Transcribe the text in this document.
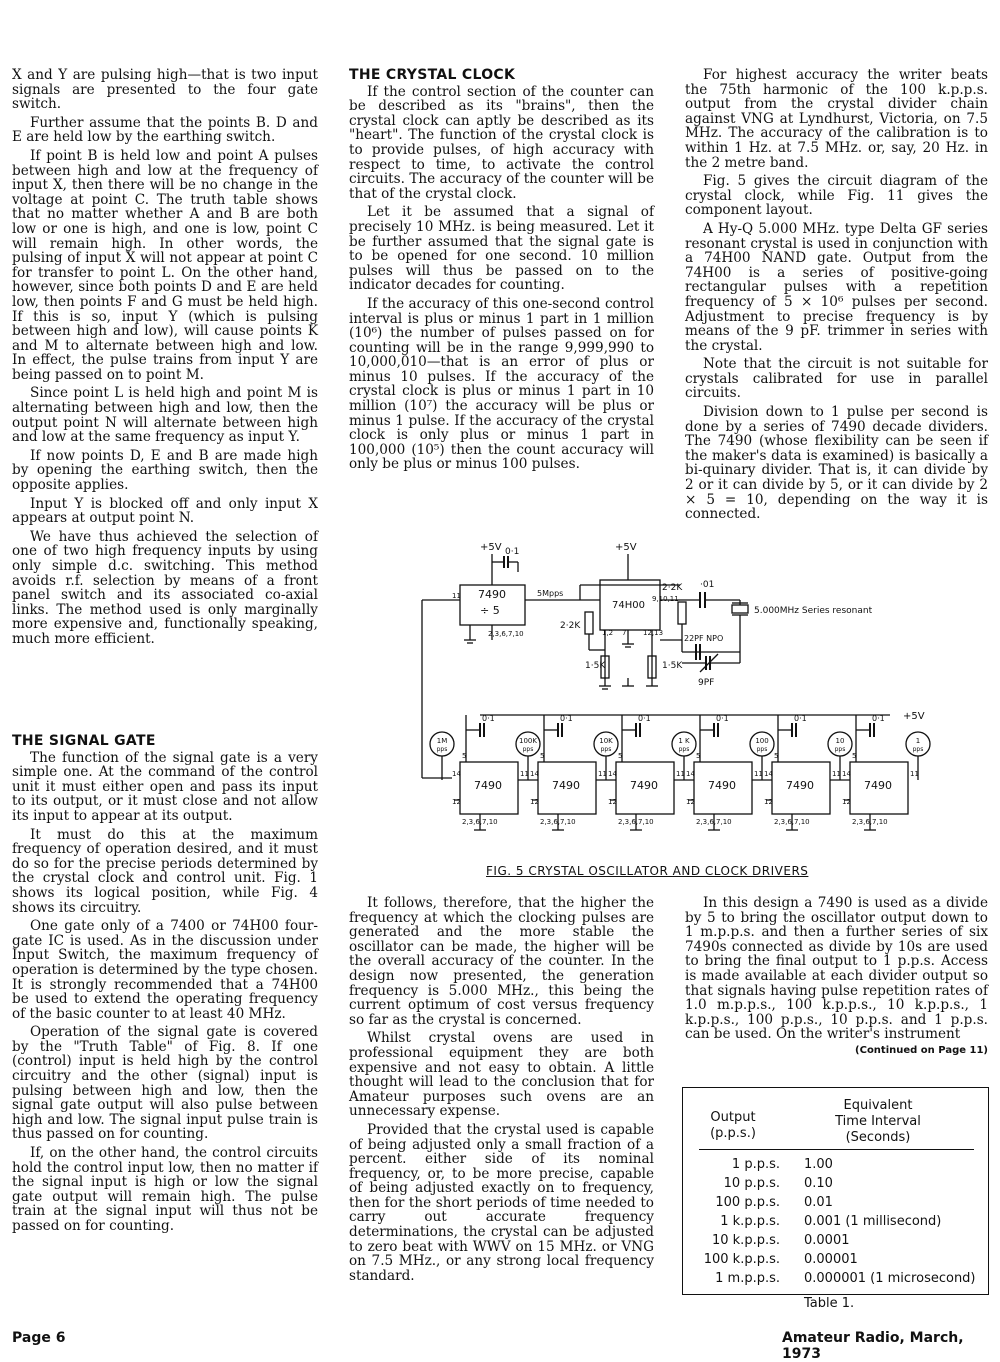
X and Y are pulsing high—that is two input signals are presented to the four gate switch.

Further assume that the points B. D and E are held low by the earthing switch.

If point B is held low and point A pulses between high and low at the frequency of input X, then there will be no change in the voltage at point C. The truth table shows that no matter whether A and B are both low or one is high, and one is low, point C will remain high. In other words, the pulsing of input X will not appear at point C for transfer to point L. On the other hand, however, since both points D and E are held low, then points F and G must be held high. If this is so, input Y (which is pulsing between high and low), will cause points K and M to alternate between high and low. In effect, the pulse trains from input Y are being passed on to point M.

Since point L is held high and point M is alternating between high and low, then the output point N will alternate between high and low at the same frequency as input Y.

If now points D, E and B are made high by opening the earthing switch, then the opposite applies.

Input Y is blocked off and only input X appears at output point N.

We have thus achieved the selection of one of two high frequency inputs by using only simple d.c. switching. This method avoids r.f. selection by means of a front panel switch and its associated co-axial links. The method used is only marginally more expensive and, functionally speaking, much more efficient.

THE SIGNAL GATE

The function of the signal gate is a very simple one. At the command of the control unit it must either open and pass its input to its output, or it must close and not allow its input to appear at its output.

It must do this at the maximum frequency of operation desired, and it must do so for the precise periods determined by the crystal clock and control unit. Fig. 1 shows its logical position, while Fig. 4 shows its circuitry.

One gate only of a 7400 or 74H00 four-gate IC is used. As in the discussion under Input Switch, the maximum frequency of operation is determined by the type chosen. It is strongly recommended that a 74H00 be used to extend the operating frequency of the basic counter to at least 40 MHz.

Operation of the signal gate is covered by the "Truth Table" of Fig. 8. If one (control) input is held high by the control circuitry and the other (signal) input is pulsing between high and low, then the signal gate output will also pulse between high and low. The signal input pulse train is thus passed on for counting.

If, on the other hand, the control circuits hold the control input low, then no matter if the signal input is high or low the signal gate output will remain high. The pulse train at the signal input will thus not be passed on for counting.

THE CRYSTAL CLOCK

If the control section of the counter can be described as its "brains", then the crystal clock can aptly be described as its "heart". The function of the crystal clock is to provide pulses, of high accuracy with respect to time, to activate the control circuits. The accuracy of the counter will be that of the crystal clock.

Let it be assumed that a signal of precisely 10 MHz. is being measured. Let it be further assumed that the signal gate is to be opened for one second. 10 million pulses will thus be passed on to the indicator decades for counting.

If the accuracy of this one-second control interval is plus or minus 1 part in 1 million (10⁶) the number of pulses passed on for counting will be in the range 9,999,990 to 10,000,010—that is an error of plus or minus 10 pulses. If the accuracy of the crystal clock is plus or minus 1 part in 10 million (10⁷) the accuracy will be plus or minus 1 pulse. If the accuracy of the crystal clock is only plus or minus 1 part in 100,000 (10⁵) then the count accuracy will only be plus or minus 100 pulses.

It follows, therefore, that the higher the frequency at which the clocking pulses are generated and the more stable the oscillator can be made, the higher will be the overall accuracy of the counter. In the design now presented, the generation frequency is 5.000 MHz., this being the current optimum of cost versus frequency so far as the crystal is concerned.

Whilst crystal ovens are used in professional equipment they are both expensive and not easy to obtain. A little thought will lead to the conclusion that for Amateur purposes such ovens are an unnecessary expense.

Provided that the crystal used is capable of being adjusted only a small fraction of a percent. either side of its nominal frequency, or, to be more precise, capable of being adjusted exactly on to frequency, then for the short periods of time needed to carry out accurate frequency determinations, the crystal can be adjusted to zero beat with WWV on 15 MHz. or VNG on 7.5 MHz., or any strong local frequency standard.

For highest accuracy the writer beats the 75th harmonic of the 100 k.p.p.s. output from the crystal divider chain against VNG at Lyndhurst, Victoria, on 7.5 MHz. The accuracy of the calibration is to within 1 Hz. at 7.5 MHz. or, say, 20 Hz. in the 2 metre band.

Fig. 5 gives the circuit diagram of the crystal clock, while Fig. 11 gives the component layout.

A Hy-Q 5.000 MHz. type Delta GF series resonant crystal is used in conjunction with a 74H00 NAND gate. Output from the 74H00 is a series of positive-going rectangular pulses with a repetition frequency of 5 × 10⁶ pulses per second. Adjustment to precise frequency is by means of the 9 pF. trimmer in series with the crystal.

Note that the circuit is not suitable for crystals calibrated for use in parallel circuits.

Division down to 1 pulse per second is done by a series of 7490 decade dividers. The 7490 (whose flexibility can be seen if the maker's data is examined) is basically a bi-quinary divider. That is, it can divide by 2 or it can divide by 5, or it can divide by 2 × 5 = 10, depending on the way it is connected.

In this design a 7490 is used as a divide by 5 to bring the oscillator output down to 1 m.p.p.s. and then a further series of six 7490s connected as divide by 10s are used to bring the final output to 1 p.p.s. Access is made available at each divider output so that signals having pulse repetition rates of 1.0 m.p.p.s., 100 k.p.p.s., 10 k.p.p.s., 1 k.p.p.s., 100 p.p.s., 10 p.p.s. and 1 p.p.s. can be used. On the writer's instrument

(Continued on Page 11)
+5V 0·1
7490
÷ 5
11
2,3,6,7,10
5Mpps
+5V
74H00
2·2K
1,2 7 12,13
9,10,11
1·5K	1·5K
2·2K ·01
5.000MHz Series resonant
22PF NPO
9PF
+5V
7490
5
14	11
12
2,3,6,7,10
0·1
7490
5
14	11
12
2,3,6,7,10
0·1
7490
5
14	11
12
2,3,6,7,10
0·1
7490
5
14	11
12
2,3,6,7,10
0·1
7490
5
14	11
12
2,3,6,7,10
0·1
7490
5
14	11
12
2,3,6,7,10
0·1
1M
pps
100K
pps
10K
pps
1 K
pps
100
pps
10
pps
1
pps
FIG. 5 CRYSTAL OSCILLATOR AND CLOCK DRIVERS
Output
(p.p.s.)
Equivalent
Time Interval
(Seconds)
1 p.p.s. 1.00
10 p.p.s. 0.10
100 p.p.s. 0.01
1 k.p.p.s. 0.001 (1 millisecond)
10 k.p.p.s. 0.0001
100 k.p.p.s. 0.00001
1 m.p.p.s. 0.000001 (1 microsecond)
Table 1.
Page 6	Amateur Radio, March, 1973
